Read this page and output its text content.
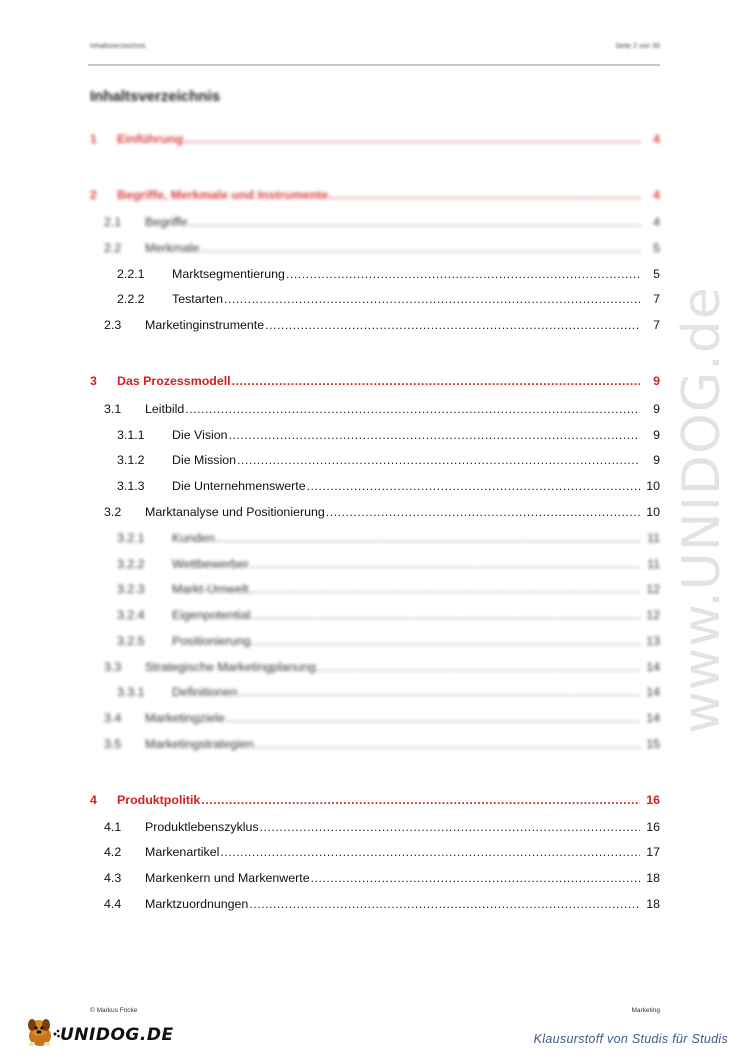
Inhaltsverzeichnis	Seite 2 von 30
Inhaltsverzeichnis
1 Einführung .....	4
2 Begriffe, Merkmale und Instrumente .....	4
2.1 Begriffe .....	4
2.2 Merkmale .....	5
2.2.1 Marktsegmentierung .....	5
2.2.2 Testarten .....	7
2.3 Marketinginstrumente .....	7
3 Das Prozessmodell .....	9
3.1 Leitbild .....	9
3.1.1 Die Vision .....	9
3.1.2 Die Mission .....	9
3.1.3 Die Unternehmenswerte .....	10
3.2 Marktanalyse und Positionierung .....	10
3.2.1 Kunden .....	11
3.2.2 Wettbewerber .....	11
3.2.3 Markt-Umwelt .....	12
3.2.4 Eigenpotential .....	12
3.2.5 Positionierung .....	13
3.3 Strategische Marketingplanung .....	14
3.3.1 Definitionen .....	14
3.4 Marketingziele .....	14
3.5 Marketingstrategien .....	15
4 Produktpolitik .....	16
4.1 Produktlebenszyklus .....	16
4.2 Markenartikel .....	17
4.3 Markenkern und Markenwerte .....	18
4.4 Marktzuordnungen .....	18
www.UNIDOG.de
© Markus Fricke	Marketing
UNIDOG.DE	Klausurstoff von Studis für Studis
